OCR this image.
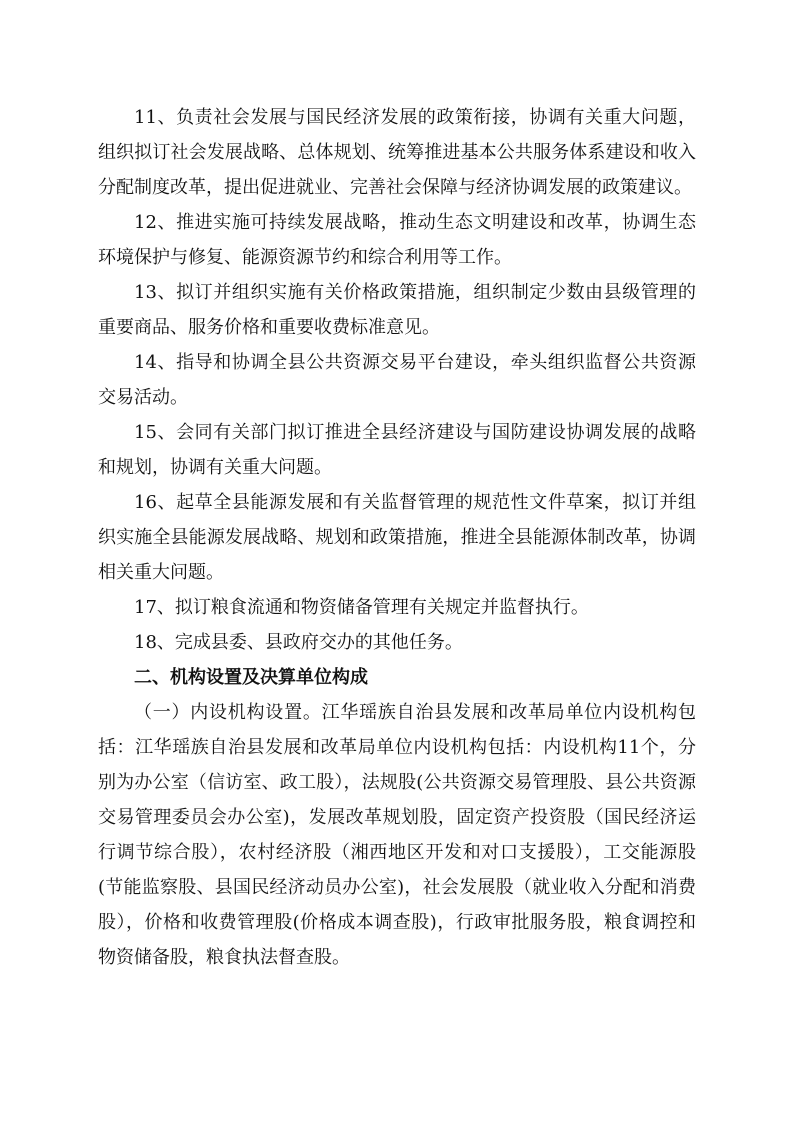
11、负责社会发展与国民经济发展的政策衔接，协调有关重大问题，组织拟订社会发展战略、总体规划、统筹推进基本公共服务体系建设和收入分配制度改革，提出促进就业、完善社会保障与经济协调发展的政策建议。

12、推进实施可持续发展战略，推动生态文明建设和改革，协调生态环境保护与修复、能源资源节约和综合利用等工作。

13、拟订并组织实施有关价格政策措施，组织制定少数由县级管理的重要商品、服务价格和重要收费标准意见。

14、指导和协调全县公共资源交易平台建设，牵头组织监督公共资源交易活动。

15、会同有关部门拟订推进全县经济建设与国防建设协调发展的战略和规划，协调有关重大问题。

16、起草全县能源发展和有关监督管理的规范性文件草案，拟订并组织实施全县能源发展战略、规划和政策措施，推进全县能源体制改革，协调相关重大问题。

17、拟订粮食流通和物资储备管理有关规定并监督执行。

18、完成县委、县政府交办的其他任务。

二、机构设置及决算单位构成

（一）内设机构设置。江华瑶族自治县发展和改革局单位内设机构包括：江华瑶族自治县发展和改革局单位内设机构包括：内设机构11个，分别为办公室（信访室、政工股），法规股(公共资源交易管理股、县公共资源交易管理委员会办公室)，发展改革规划股，固定资产投资股（国民经济运行调节综合股），农村经济股（湘西地区开发和对口支援股），工交能源股(节能监察股、县国民经济动员办公室)，社会发展股（就业收入分配和消费股），价格和收费管理股(价格成本调查股)，行政审批服务股，粮食调控和物资储备股，粮食执法督查股。
